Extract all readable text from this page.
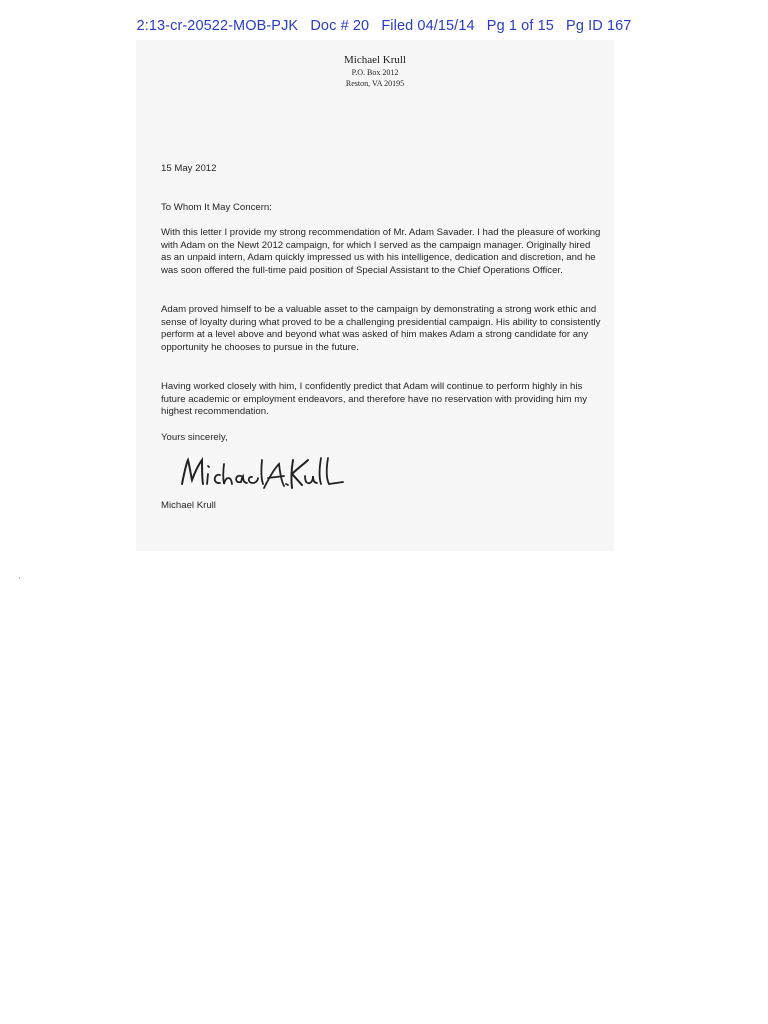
2:13-cr-20522-MOB-PJK Doc # 20 Filed 04/15/14 Pg 1 of 15 Pg ID 167
Michael Krull
P.O. Box 2012
Reston, VA 20195
15 May 2012
To Whom It May Concern:
With this letter I provide my strong recommendation of Mr. Adam Savader. I had the pleasure of working with Adam on the Newt 2012 campaign, for which I served as the campaign manager. Originally hired as an unpaid intern, Adam quickly impressed us with his intelligence, dedication and discretion, and he was soon offered the full-time paid position of Special Assistant to the Chief Operations Officer.
Adam proved himself to be a valuable asset to the campaign by demonstrating a strong work ethic and sense of loyalty during what proved to be a challenging presidential campaign. His ability to consistently perform at a level above and beyond what was asked of him makes Adam a strong candidate for any opportunity he chooses to pursue in the future.
Having worked closely with him, I confidently predict that Adam will continue to perform highly in his future academic or employment endeavors, and therefore have no reservation with providing him my highest recommendation.
Yours sincerely,
Michael Krull
